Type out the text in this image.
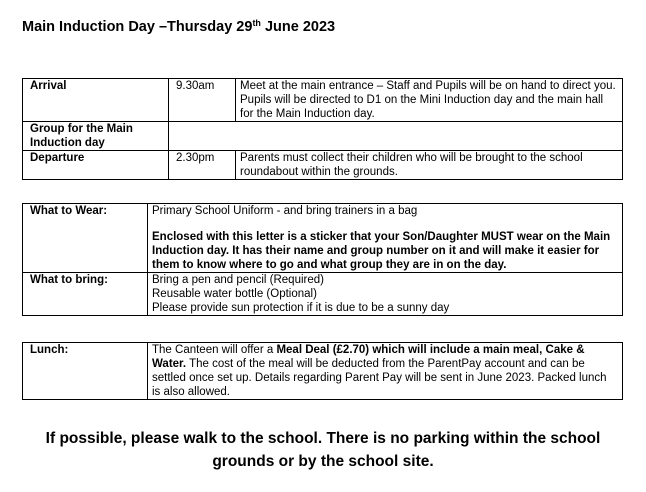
Main Induction Day –Thursday 29th June 2023
Arrival	9.30am	Meet at the main entrance – Staff and Pupils will be on hand to direct you. Pupils will be directed to D1 on the Mini Induction day and the main hall for the Main Induction day.
Group for the Main Induction day		
Departure	2.30pm	Parents must collect their children who will be brought to the school roundabout within the grounds.
What to Wear:	Primary School Uniform - and bring trainers in a bag
Enclosed with this letter is a sticker that your Son/Daughter MUST wear on the Main Induction day. It has their name and group number on it and will make it easier for them to know where to go and what group they are in on the day.

What to bring:	Bring a pen and pencil (Required)
Reusable water bottle (Optional)
Please provide sun protection if it is due to be a sunny day
Lunch:	The Canteen will offer a Meal Deal (£2.70) which will include a main meal, Cake & Water. The cost of the meal will be deducted from the ParentPay account and can be settled once set up. Details regarding Parent Pay will be sent in June 2023. Packed lunch is also allowed.
If possible, please walk to the school. There is no parking within the school
grounds or by the school site.
